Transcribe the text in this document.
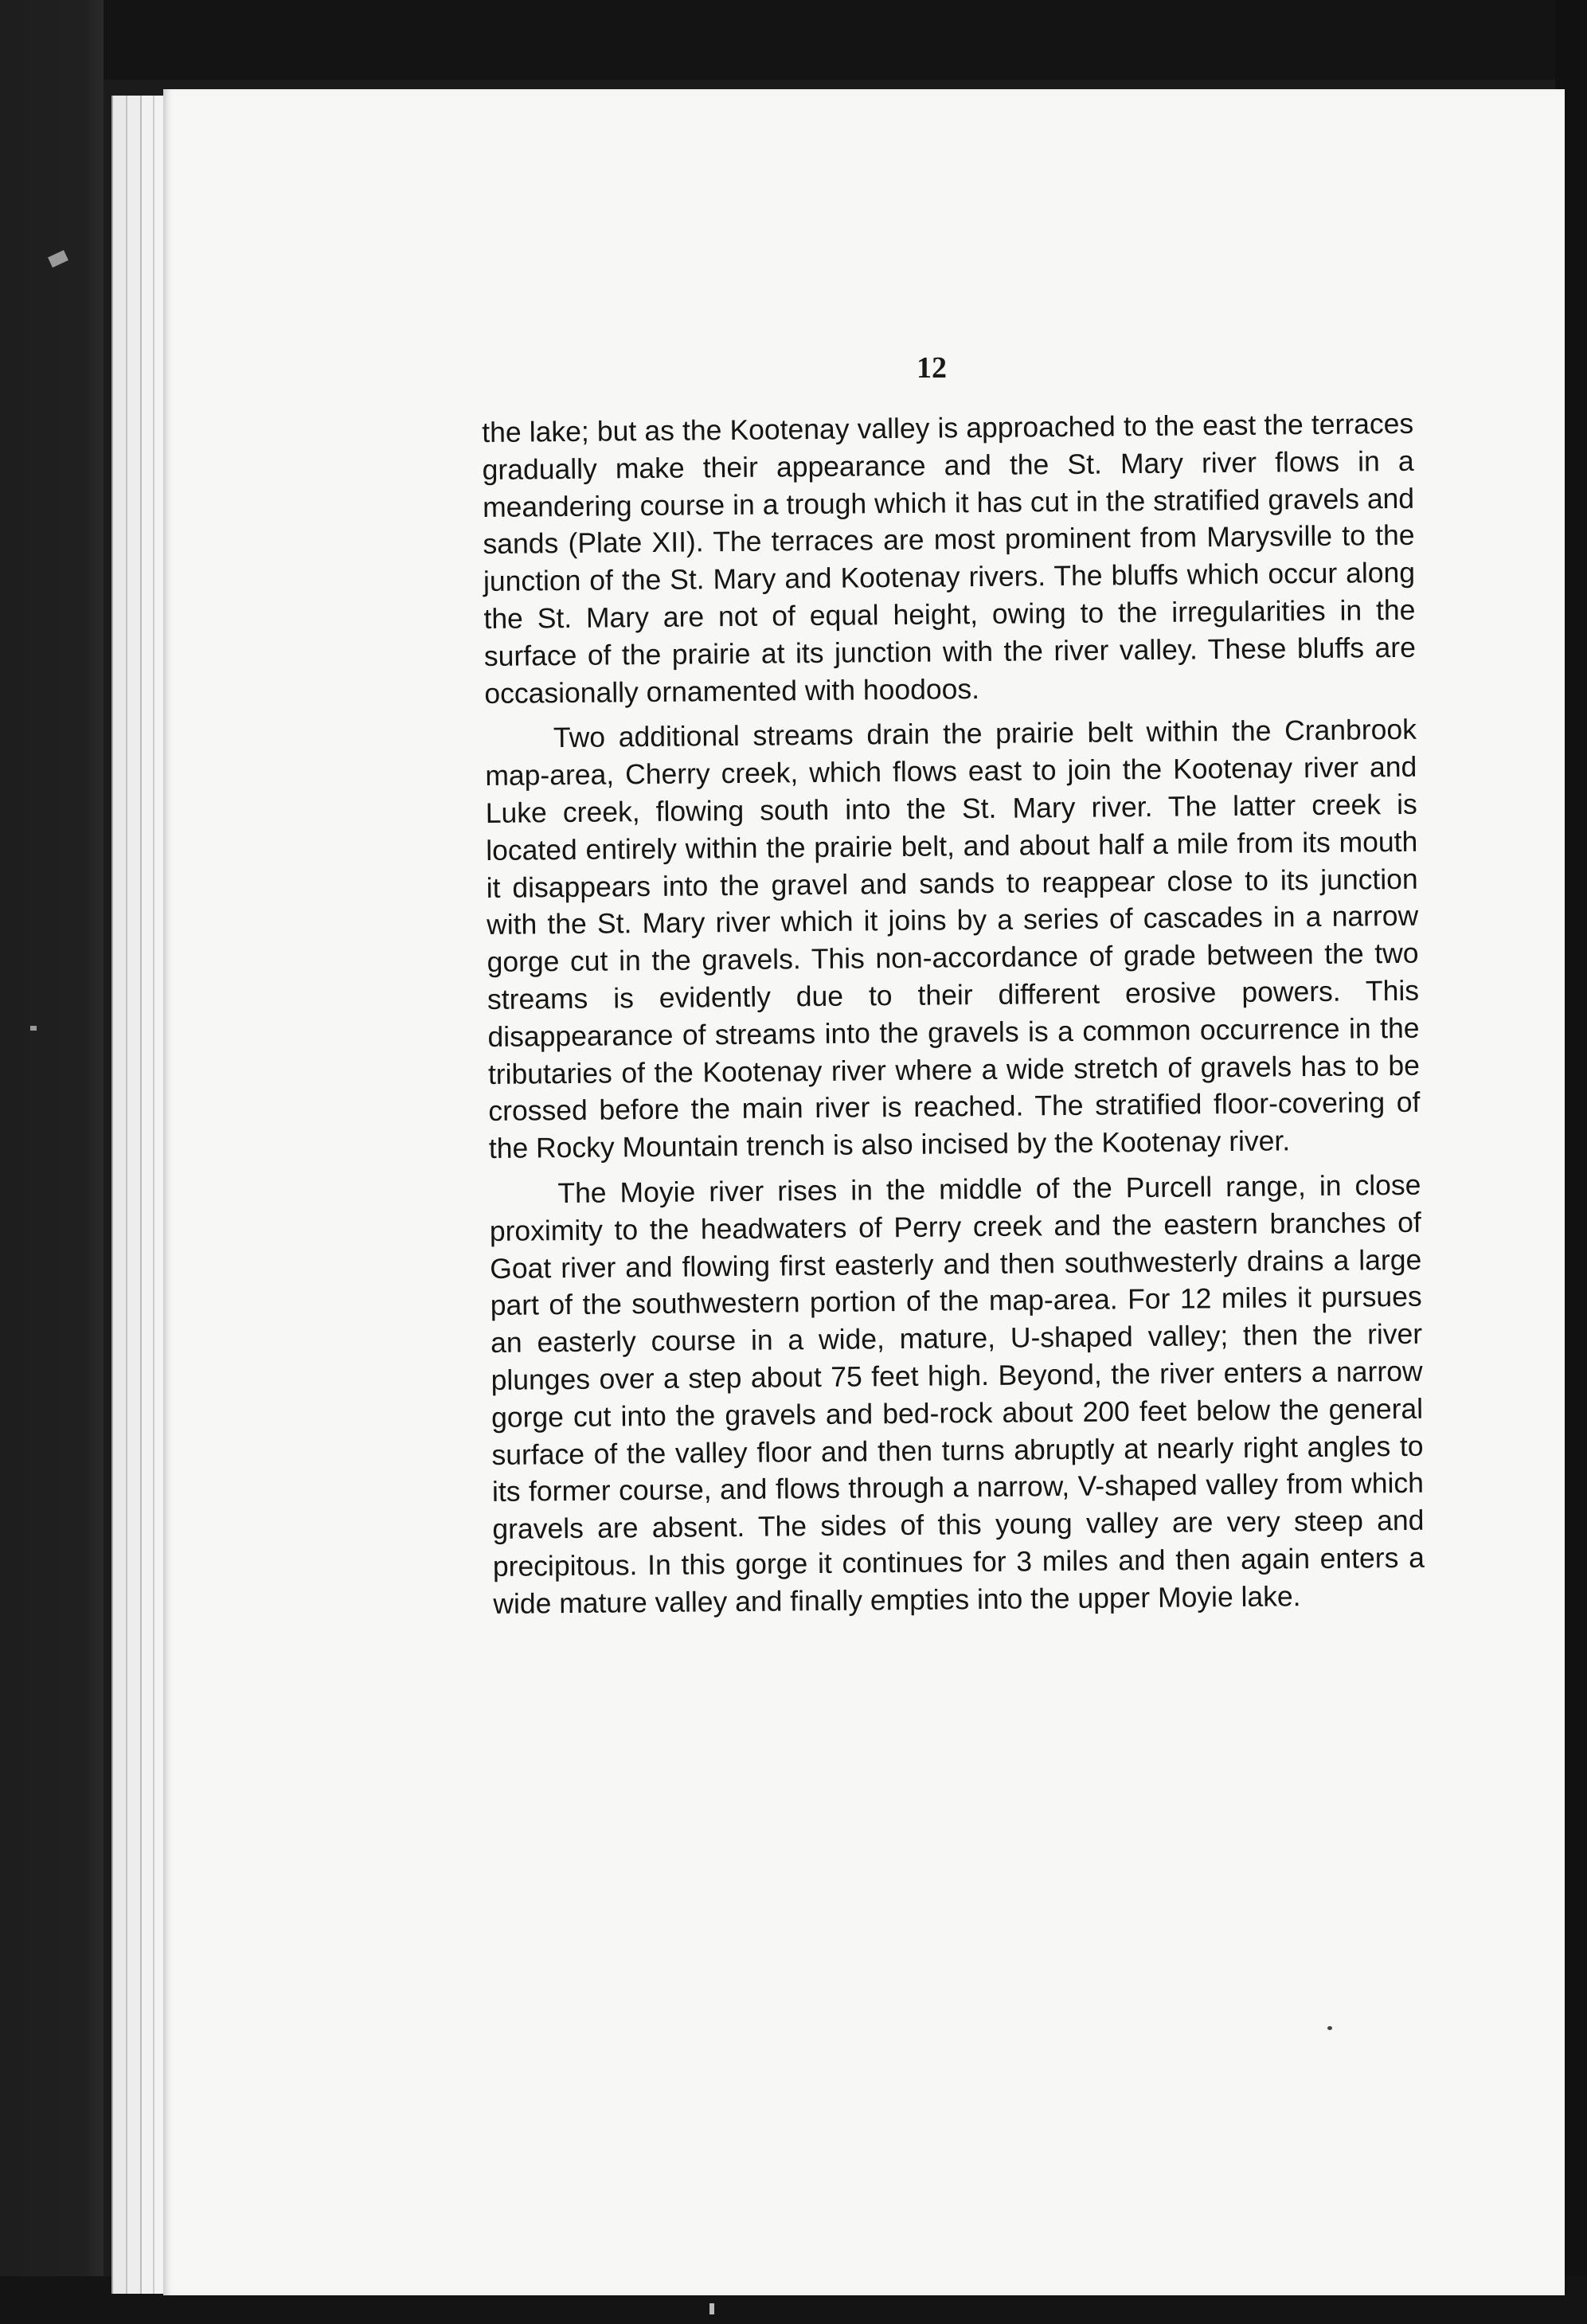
12

the lake; but as the Kootenay valley is approached to the east the terraces gradually make their appearance and the St. Mary river flows in a meandering course in a trough which it has cut in the stratified gravels and sands (Plate XII). The terraces are most prominent from Marysville to the junction of the St. Mary and Kootenay rivers. The bluffs which occur along the St. Mary are not of equal height, owing to the irregularities in the surface of the prairie at its junction with the river valley. These bluffs are occasionally ornamented with hoodoos.

Two additional streams drain the prairie belt within the Cranbrook map-area, Cherry creek, which flows east to join the Kootenay river and Luke creek, flowing south into the St. Mary river. The latter creek is located entirely within the prairie belt, and about half a mile from its mouth it disappears into the gravel and sands to reappear close to its junction with the St. Mary river which it joins by a series of cascades in a narrow gorge cut in the gravels. This non-accordance of grade between the two streams is evidently due to their different erosive powers. This disappearance of streams into the gravels is a common occurrence in the tributaries of the Kootenay river where a wide stretch of gravels has to be crossed before the main river is reached. The stratified floor-covering of the Rocky Mountain trench is also incised by the Kootenay river.

The Moyie river rises in the middle of the Purcell range, in close proximity to the headwaters of Perry creek and the eastern branches of Goat river and flowing first easterly and then southwesterly drains a large part of the southwestern portion of the map-area. For 12 miles it pursues an easterly course in a wide, mature, U-shaped valley; then the river plunges over a step about 75 feet high. Beyond, the river enters a narrow gorge cut into the gravels and bed-rock about 200 feet below the general surface of the valley floor and then turns abruptly at nearly right angles to its former course, and flows through a narrow, V-shaped valley from which gravels are absent. The sides of this young valley are very steep and precipitous. In this gorge it continues for 3 miles and then again enters a wide mature valley and finally empties into the upper Moyie lake.
